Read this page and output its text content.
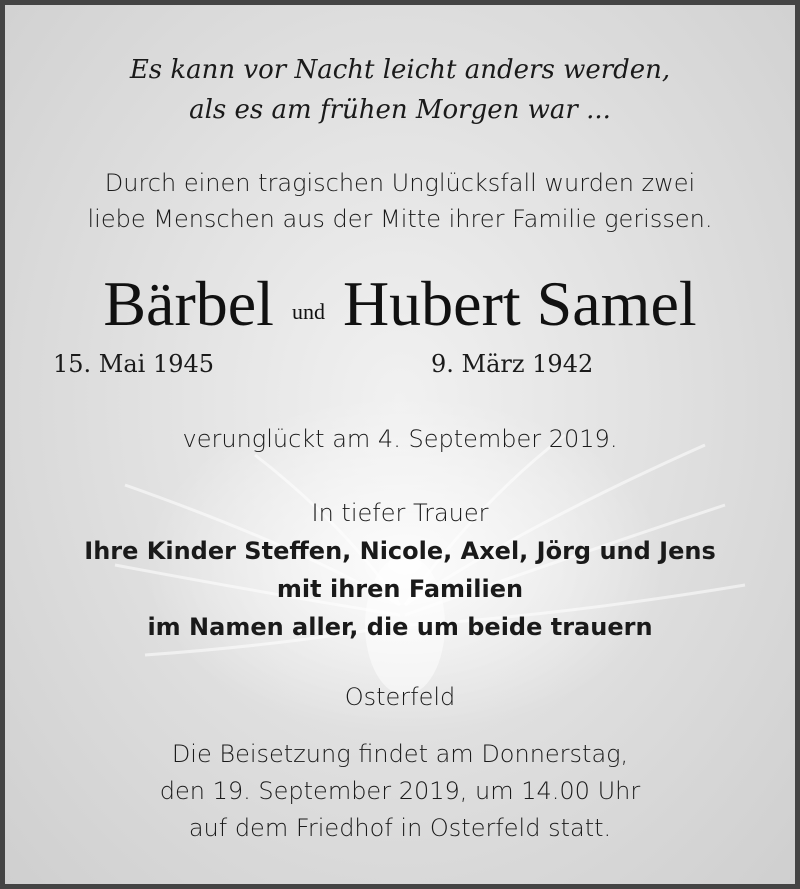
Es kann vor Nacht leicht anders werden,
als es am frühen Morgen war ...
Durch einen tragischen Unglücksfall wurden zwei
liebe Menschen aus der Mitte ihrer Familie gerissen.
Bärbel und Hubert Samel
15. Mai 1945	9. März 1942
verunglückt am 4. September 2019.
In tiefer Trauer
Ihre Kinder Steffen, Nicole, Axel, Jörg und Jens
mit ihren Familien
im Namen aller, die um beide trauern
Osterfeld
Die Beisetzung findet am Donnerstag,
den 19. September 2019, um 14.00 Uhr
auf dem Friedhof in Osterfeld statt.
